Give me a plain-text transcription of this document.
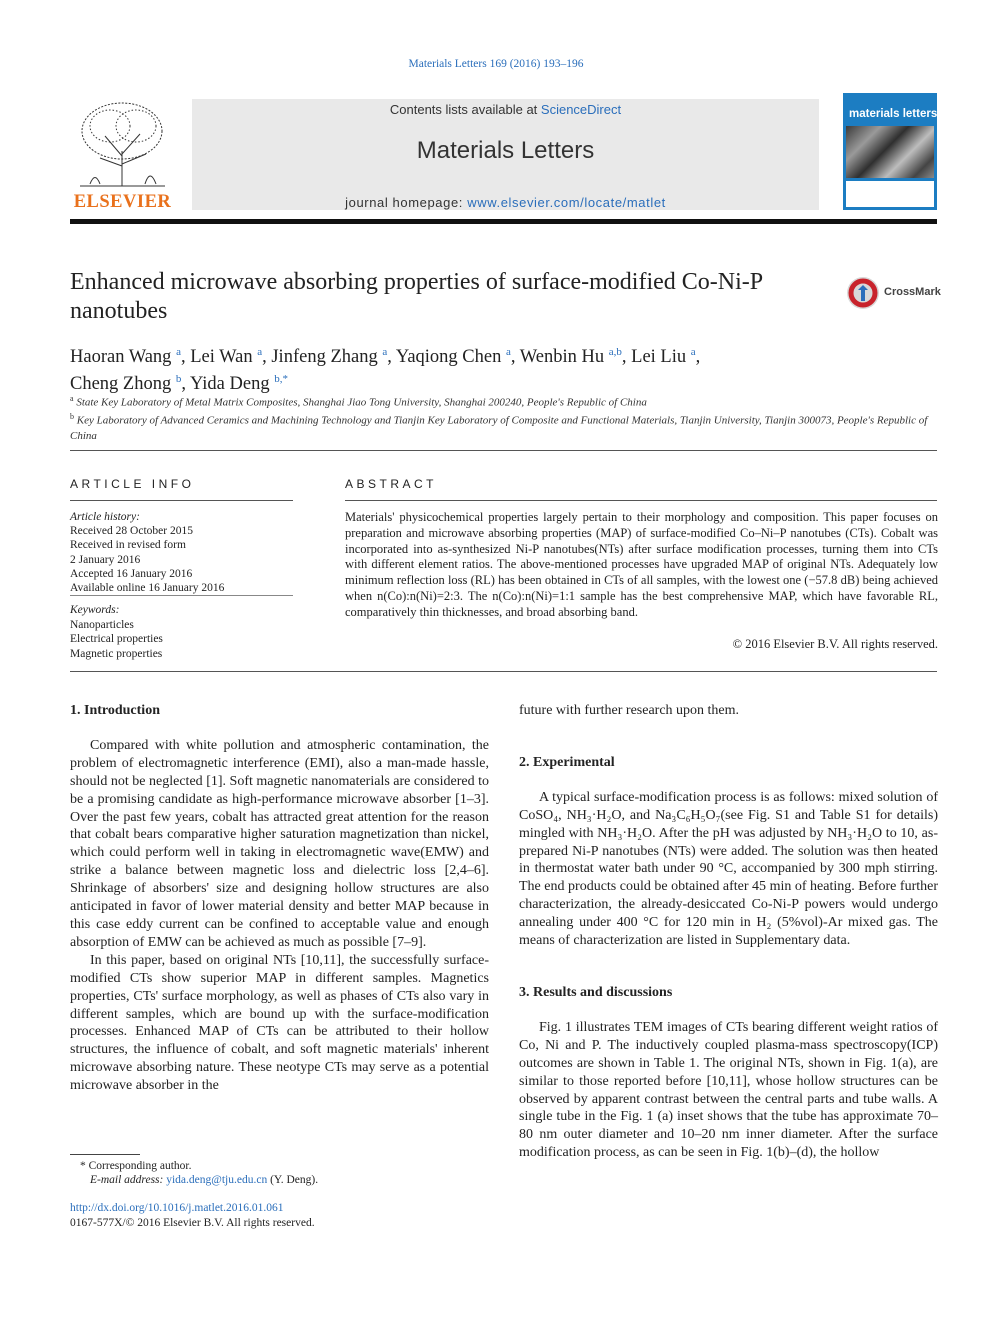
Materials Letters 169 (2016) 193–196
ELSEVIER
Contents lists available at ScienceDirect
Materials Letters
journal homepage: www.elsevier.com/locate/matlet
materials letters
Enhanced microwave absorbing properties of surface-modified Co-Ni-P nanotubes
CrossMark
Haoran Wang $^a$, Lei Wan $^a$, Jinfeng Zhang $^a$, Yaqiong Chen $^a$, Wenbin Hu $^{a,b}$, Lei Liu $^a$,
Cheng Zhong $^b$, Yida Deng $^{b,*}$
$^a$ State Key Laboratory of Metal Matrix Composites, Shanghai Jiao Tong University, Shanghai 200240, People's Republic of China
$^b$ Key Laboratory of Advanced Ceramics and Machining Technology and Tianjin Key Laboratory of Composite and Functional Materials, Tianjin University, Tianjin 300073, People's Republic of China
ARTICLE INFO
Article history:
Received 28 October 2015
Received in revised form
2 January 2016
Accepted 16 January 2016
Available online 16 January 2016
Keywords:
Nanoparticles
Electrical properties
Magnetic properties
ABSTRACT
Materials' physicochemical properties largely pertain to their morphology and composition. This paper focuses on preparation and microwave absorbing properties (MAP) of surface-modified Co–Ni–P nanotubes (CTs). Cobalt was incorporated into as-synthesized Ni-P nanotubes(NTs) after surface modification processes, turning them into CTs with different element ratios. The above-mentioned processes have upgraded MAP of original NTs. Adequately low minimum reflection loss (RL) has been obtained in CTs of all samples, with the lowest one (−57.8 dB) being achieved when n(Co):n(Ni)=2:3. The n(Co):n(Ni)=1:1 sample has the best comprehensive MAP, which have favorable RL, comparatively thin thicknesses, and broad absorbing band.
© 2016 Elsevier B.V. All rights reserved.
1. Introduction

Compared with white pollution and atmospheric contamination, the problem of electromagnetic interference (EMI), also a man-made hassle, should not be neglected [1]. Soft magnetic nanomaterials are considered to be a promising candidate as high-performance microwave absorber [1–3]. Over the past few years, cobalt has attracted great attention for the reason that cobalt bears comparative higher saturation magnetization than nickel, which could perform well in taking in electromagnetic wave(EMW) and strike a balance between magnetic loss and dielectric loss [2,4–6]. Shrinkage of absorbers' size and designing hollow structures are also anticipated in favor of lower material density and better MAP because in this case eddy current can be confined to acceptable value and enough absorption of EMW can be achieved as much as possible [7–9].

In this paper, based on original NTs [10,11], the successfully surface-modified CTs show superior MAP in different samples. Magnetics properties, CTs' surface morphology, as well as phases of CTs also vary in different samples, which are bound up with the surface-modification processes. Enhanced MAP of CTs can be attributed to their hollow structures, the influence of cobalt, and soft magnetic materials' inherent microwave absorbing nature. These neotype CTs may serve as a potential microwave absorber in the

future with further research upon them.
2. Experimental

A typical surface-modification process is as follows: mixed solution of CoSO₄, NH₃·H₂O, and Na₃C₆H₅O₇(see Fig. S1 and Table S1 for details) mingled with NH₃·H₂O. After the pH was adjusted by NH₃·H₂O to 10, as-prepared Ni-P nanotubes (NTs) were added. The solution was then heated in thermostat water bath under 90 °C, accompanied by 300 mph stirring. The end products could be obtained after 45 min of heating. Before further characterization, the already-desiccated Co-Ni-P powers would undergo annealing under 400 °C for 120 min in H₂ (5%vol)-Ar mixed gas. The means of characterization are listed in Supplementary data.

3. Results and discussions

Fig. 1 illustrates TEM images of CTs bearing different weight ratios of Co, Ni and P. The inductively coupled plasma-mass spectroscopy(ICP) outcomes are shown in Table 1. The original NTs, shown in Fig. 1(a), are similar to those reported before [10,11], whose hollow structures can be observed by apparent contrast between the central parts and tube walls. A single tube in the Fig. 1 (a) inset shows that the tube has approximate 70–80 nm outer diameter and 10–20 nm inner diameter. After the surface modification process, as can be seen in Fig. 1(b)–(d), the hollow

* Corresponding author.
E-mail address: yida.deng@tju.edu.cn (Y. Deng).
http://dx.doi.org/10.1016/j.matlet.2016.01.061
0167-577X/© 2016 Elsevier B.V. All rights reserved.
